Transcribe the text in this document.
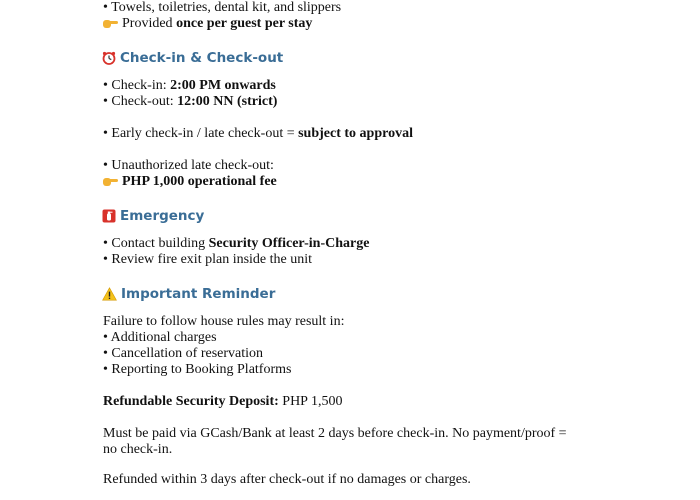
• Towels, toiletries, dental kit, and slippers
Provided once per guest per stay
Check-in & Check-out
• Check-in: 2:00 PM onwards
• Check-out: 12:00 NN (strict)
• Early check-in / late check-out = subject to approval
• Unauthorized late check-out:
PHP 1,000 operational fee
Emergency
• Contact building Security Officer-in-Charge
• Review fire exit plan inside the unit
Important Reminder
Failure to follow house rules may result in:
• Additional charges
• Cancellation of reservation
• Reporting to Booking Platforms
Refundable Security Deposit: PHP 1,500
Must be paid via GCash/Bank at least 2 days before check-in. No payment/proof = no check-in.
Refunded within 3 days after check-out if no damages or charges.
